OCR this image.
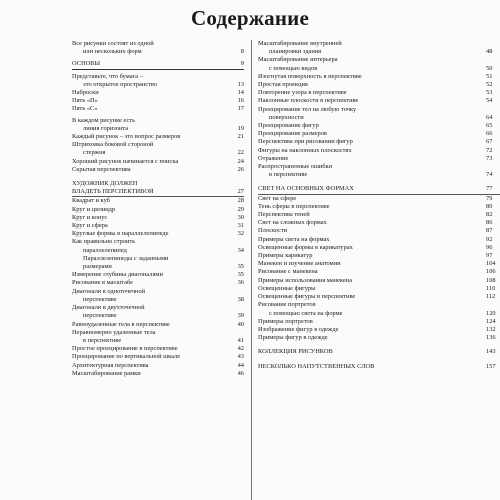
Содержание
Все рисунки состоят из одной
или нескольких форм	8
ОСНОВЫ	9
Представьте, что бумага –
это открытое пространство	13
Наброски	14
Пять «П»	16
Пять «С»	17
В каждом рисунке есть
линия горизонта	19
Каждый рисунок – это вопрос размеров	21
Штриховка боковой стороной
стержня	22
Хороший рисунок начинается с поиска	24
Скрытая перспектива	26
ХУДОЖНИК ДОЛЖЕН
ВЛАДЕТЬ ПЕРСПЕКТИВОЙ	27
Квадрат и куб	28
Круг и цилиндр	29
Круг и конус	30
Круг и сфера	31
Круглые формы в параллелепипеде	32
Как правильно строить
параллелепипед	34
Параллелепипеды с заданными
размерами	35
Измерение глубины диагоналями	35
Рисование в масштабе	36
Диагонали в одноточечной
перспективе	38
Диагонали в двухточечной
перспективе	39
Равноудаленные тела в перспективе	40
Неравномерно удаленные тела
в перспективе	41
Простое проецирование в перспективе	42
Проецирование по вертикальной шкале	43
Архитектурная перспектива	44
Масштабирование рамки	46
Масштабирование внутренней
планировки здания	48
Масштабирование интерьера
с помощью видов	50
Изогнутая поверхность в перспективе	51
Простая проекция	52
Повторение узора в перспективе	53
Наклонные плоскости в перспективе	54
Проецирование тел на любую точку
поверхности	64
Проецирование фигур	65
Проецирование размеров	66
Перспектива при рисовании фигур	67
Фигуры на наклонных плоскостях	72
Отражение	73
Распространенные ошибки
в перспективе	74
СВЕТ НА ОСНОВНЫХ ФОРМАХ	77
Свет на сфере	79
Тень сферы в перспективе	80
Перспектива теней	82
Свет на сложных формах	86
Плоскости	87
Примеры света на формах	92
Освещенные формы в карикатурах	96
Примеры карикатур	97
Манекен и изучение анатомии	104
Рисование с манекена	106
Примеры использования манекена	108
Освещенные фигуры	110
Освещенные фигуры в перспективе	112
Рисование портретов
с помощью света на форме	120
Примеры портретов	124
Изображение фигур в одежде	132
Примеры фигур в одежде	136
КОЛЛЕКЦИЯ РИСУНКОВ	143
НЕСКОЛЬКО НАПУТСТВЕННЫХ СЛОВ	157
